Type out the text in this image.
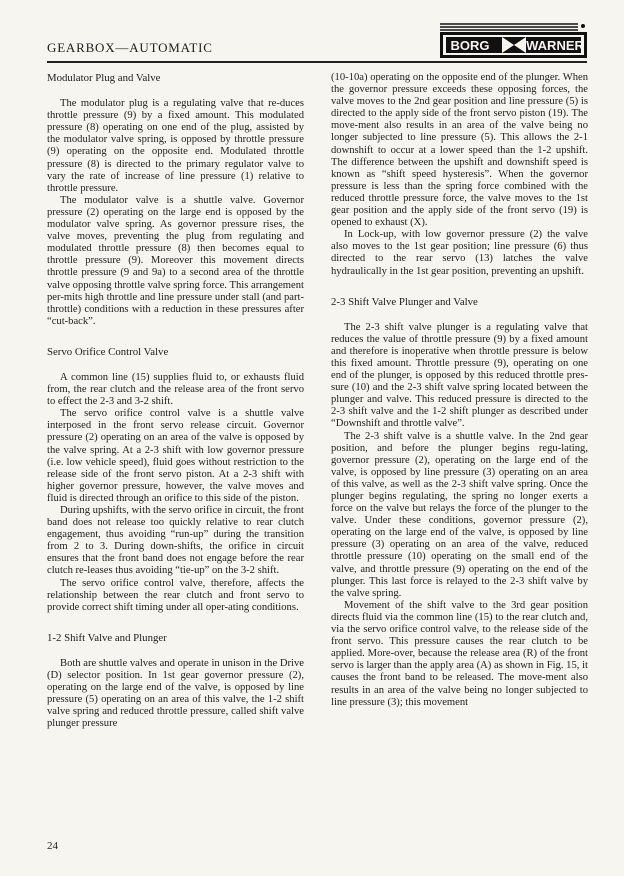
GEARBOX—AUTOMATIC	BORG	WARNER
Modulator Plug and Valve

The modulator plug is a regulating valve that re-duces throttle pressure (9) by a fixed amount. This modulated pressure (8) operating on one end of the plug, assisted by the modulator valve spring, is opposed by throttle pressure (9) operating on the opposite end. Modulated throttle pressure (8) is directed to the primary regulator valve to vary the rate of increase of line pressure (1) relative to throttle pressure.

The modulator valve is a shuttle valve. Governor pressure (2) operating on the large end is opposed by the modulator valve spring. As governor pressure rises, the valve moves, preventing the plug from regulating and modulated throttle pressure (8) then becomes equal to throttle pressure (9). Moreover this movement directs throttle pressure (9 and 9a) to a second area of the throttle valve opposing throttle valve spring force. This arrangement per-mits high throttle and line pressure under stall (and part-throttle) conditions with a reduction in these pressures after “cut-back”.

Servo Orifice Control Valve

A common line (15) supplies fluid to, or exhausts fluid from, the rear clutch and the release area of the front servo to effect the 2-3 and 3-2 shift.

The servo orifice control valve is a shuttle valve interposed in the front servo release circuit. Governor pressure (2) operating on an area of the valve is opposed by the valve spring. At a 2-3 shift with low governor pressure (i.e. low vehicle speed), fluid goes without restriction to the release side of the front servo piston. At a 2-3 shift with higher governor pressure, however, the valve moves and fluid is directed through an orifice to this side of the piston.

During upshifts, with the servo orifice in circuit, the front band does not release too quickly relative to rear clutch engagement, thus avoiding “run-up” during the transition from 2 to 3. During down-shifts, the orifice in circuit ensures that the front band does not engage before the rear clutch re-leases thus avoiding “tie-up” on the 3-2 shift.

The servo orifice control valve, therefore, affects the relationship between the rear clutch and front servo to provide correct shift timing under all oper-ating conditions.

1-2 Shift Valve and Plunger

Both are shuttle valves and operate in unison in the Drive (D) selector position. In 1st gear governor pressure (2), operating on the large end of the valve, is opposed by line pressure (5) operating on an area of this valve, the 1-2 shift valve spring and reduced throttle pressure, called shift valve plunger pressure

(10-10a) operating on the opposite end of the plunger. When the governor pressure exceeds these opposing forces, the valve moves to the 2nd gear position and line pressure (5) is directed to the apply side of the front servo piston (19). The move-ment also results in an area of the valve being no longer subjected to line pressure (5). This allows the 2-1 downshift to occur at a lower speed than the 1-2 upshift. The difference between the upshift and downshift speed is known as “shift speed hysteresis”. When the governor pressure is less than the spring force combined with the reduced throttle pressure force, the valve moves to the 1st gear position and the apply side of the front servo (19) is opened to exhaust (X).

In Lock-up, with low governor pressure (2) the valve also moves to the 1st gear position; line pressure (6) thus directed to the rear servo (13) latches the valve hydraulically in the 1st gear position, preventing an upshift.

2-3 Shift Valve Plunger and Valve

The 2-3 shift valve plunger is a regulating valve that reduces the value of throttle pressure (9) by a fixed amount and therefore is inoperative when throttle pressure is below this fixed amount. Throttle pressure (9), operating on one end of the plunger, is opposed by this reduced throttle pres-sure (10) and the 2-3 shift valve spring located between the plunger and valve. This reduced pressure is directed to the 2-3 shift valve and the 1-2 shift plunger as described under “Downshift and throttle valve”.

The 2-3 shift valve is a shuttle valve. In the 2nd gear position, and before the plunger begins regu-lating, governor pressure (2), operating on the large end of the valve, is opposed by line pressure (3) operating on an area of this valve, as well as the 2-3 shift valve spring. Once the plunger begins regulating, the spring no longer exerts a force on the valve but relays the force of the plunger to the valve. Under these conditions, governor pressure (2), operating on the large end of the valve, is opposed by line pressure (3) operating on an area of the valve, reduced throttle pressure (10) operating on the small end of the valve, and throttle pressure (9) operating on the end of the plunger. This last force is relayed to the 2-3 shift valve by the valve spring.

Movement of the shift valve to the 3rd gear position directs fluid via the common line (15) to the rear clutch and, via the servo orifice control valve, to the release side of the front servo. This pressure causes the rear clutch to be applied. More-over, because the release area (R) of the front servo is larger than the apply area (A) as shown in Fig. 15, it causes the front band to be released. The move-ment also results in an area of the valve being no longer subjected to line pressure (3); this movement

24
